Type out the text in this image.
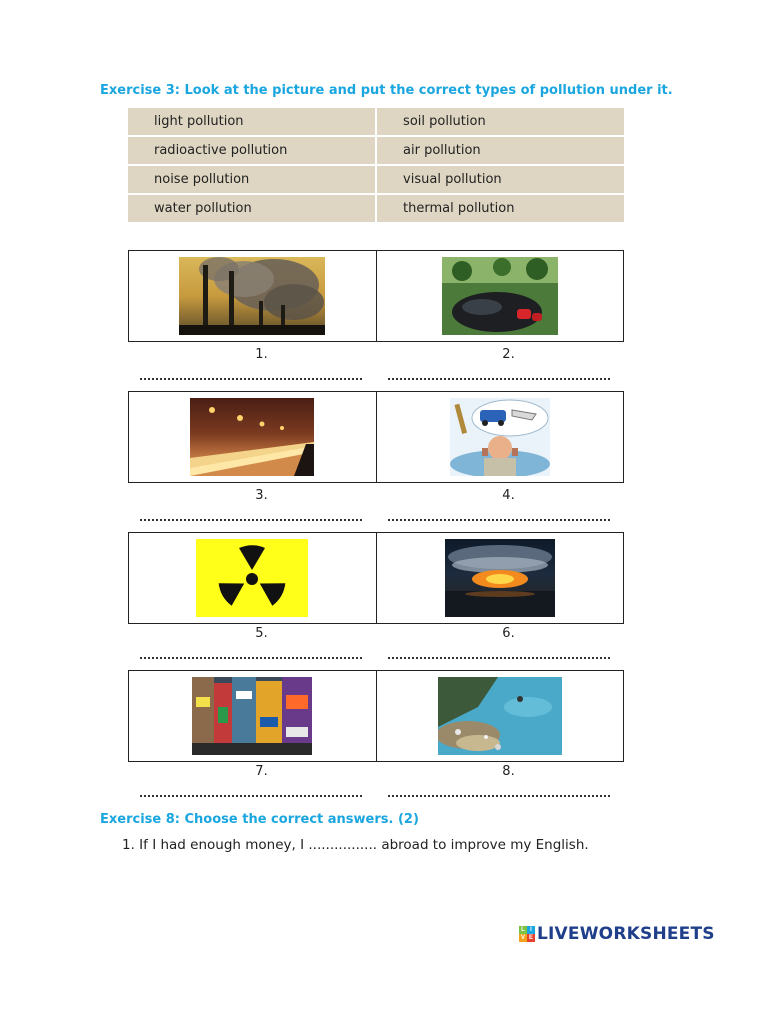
Exercise 3: Look at the picture and put the correct types of pollution under it.
light pollution	soil pollution
radioactive pollution	air pollution
noise pollution	visual pollution
water pollution	thermal pollution
1.	2.
3.	4.
5.	6.
7.	8.
Exercise 8: Choose the correct answers. (2)
1. If I had enough money, I ................ abroad to improve my English.
L I
V E LIVEWORKSHEETS
